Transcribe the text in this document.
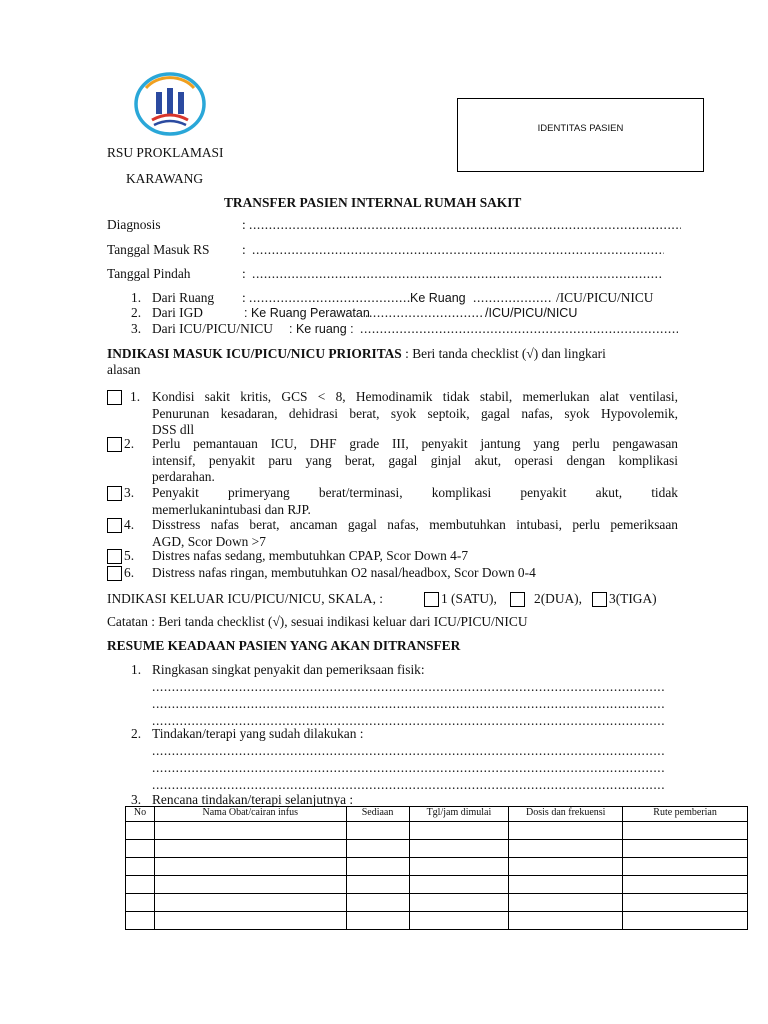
RSU PROKLAMASI
KARAWANG
IDENTITAS PASIEN
TRANSFER PASIEN INTERNAL RUMAH SAKIT
Diagnosis	:
.....
Tanggal Masuk RS :
.....
Tanggal Pindah	:
.....
1. Dari Ruang : .....	Ke Ruang .....	/ICU/PICU/NICU
2. Dari IGD	: Ke Ruang Perawatan .....	/ICU/PICU/NICU
3. Dari ICU/PICU/NICU : Ke ruang :
.....
INDIKASI MASUK ICU/PICU/NICU PRIORITAS : Beri tanda checklist (√) dan lingkari
alasan
1. Kondisi sakit kritis, GCS < 8, Hemodinamik tidak stabil, memerlukan alat ventilasi,
Penurunan kesadaran, dehidrasi berat, syok septoik, gagal nafas, syok Hypovolemik,
DSS dll
2. Perlu pemantauan ICU, DHF grade III, penyakit jantung yang perlu pengawasan
intensif, penyakit paru yang berat, gagal ginjal akut, operasi dengan komplikasi
perdarahan.
3. Penyakit primeryang berat/terminasi, komplikasi penyakit akut, tidak
memerlukanintubasi dan RJP.
4. Disstress nafas berat, ancaman gagal nafas, membutuhkan intubasi, perlu pemeriksaan
AGD, Scor Down >7
5. Distres nafas sedang, membutuhkan CPAP, Scor Down 4-7
6. Distress nafas ringan, membutuhkan O2 nasal/headbox, Scor Down 0-4
INDIKASI KELUAR ICU/PICU/NICU, SKALA, :	1 (SATU),	2(DUA), 3(TIGA)
Catatan : Beri tanda checklist (√), sesuai indikasi keluar dari ICU/PICU/NICU
RESUME KEADAAN PASIEN YANG AKAN DITRANSFER
1. Ringkasan singkat penyakit dan pemeriksaan fisik:
.....
.....
.....
2. Tindakan/terapi yang sudah dilakukan :
.....
.....
.....
3. Rencana tindakan/terapi selanjutnya :
No	Nama Obat/cairan infus	Sediaan	Tgl/jam dimulai	Dosis dan frekuensi	Rute pemberian
